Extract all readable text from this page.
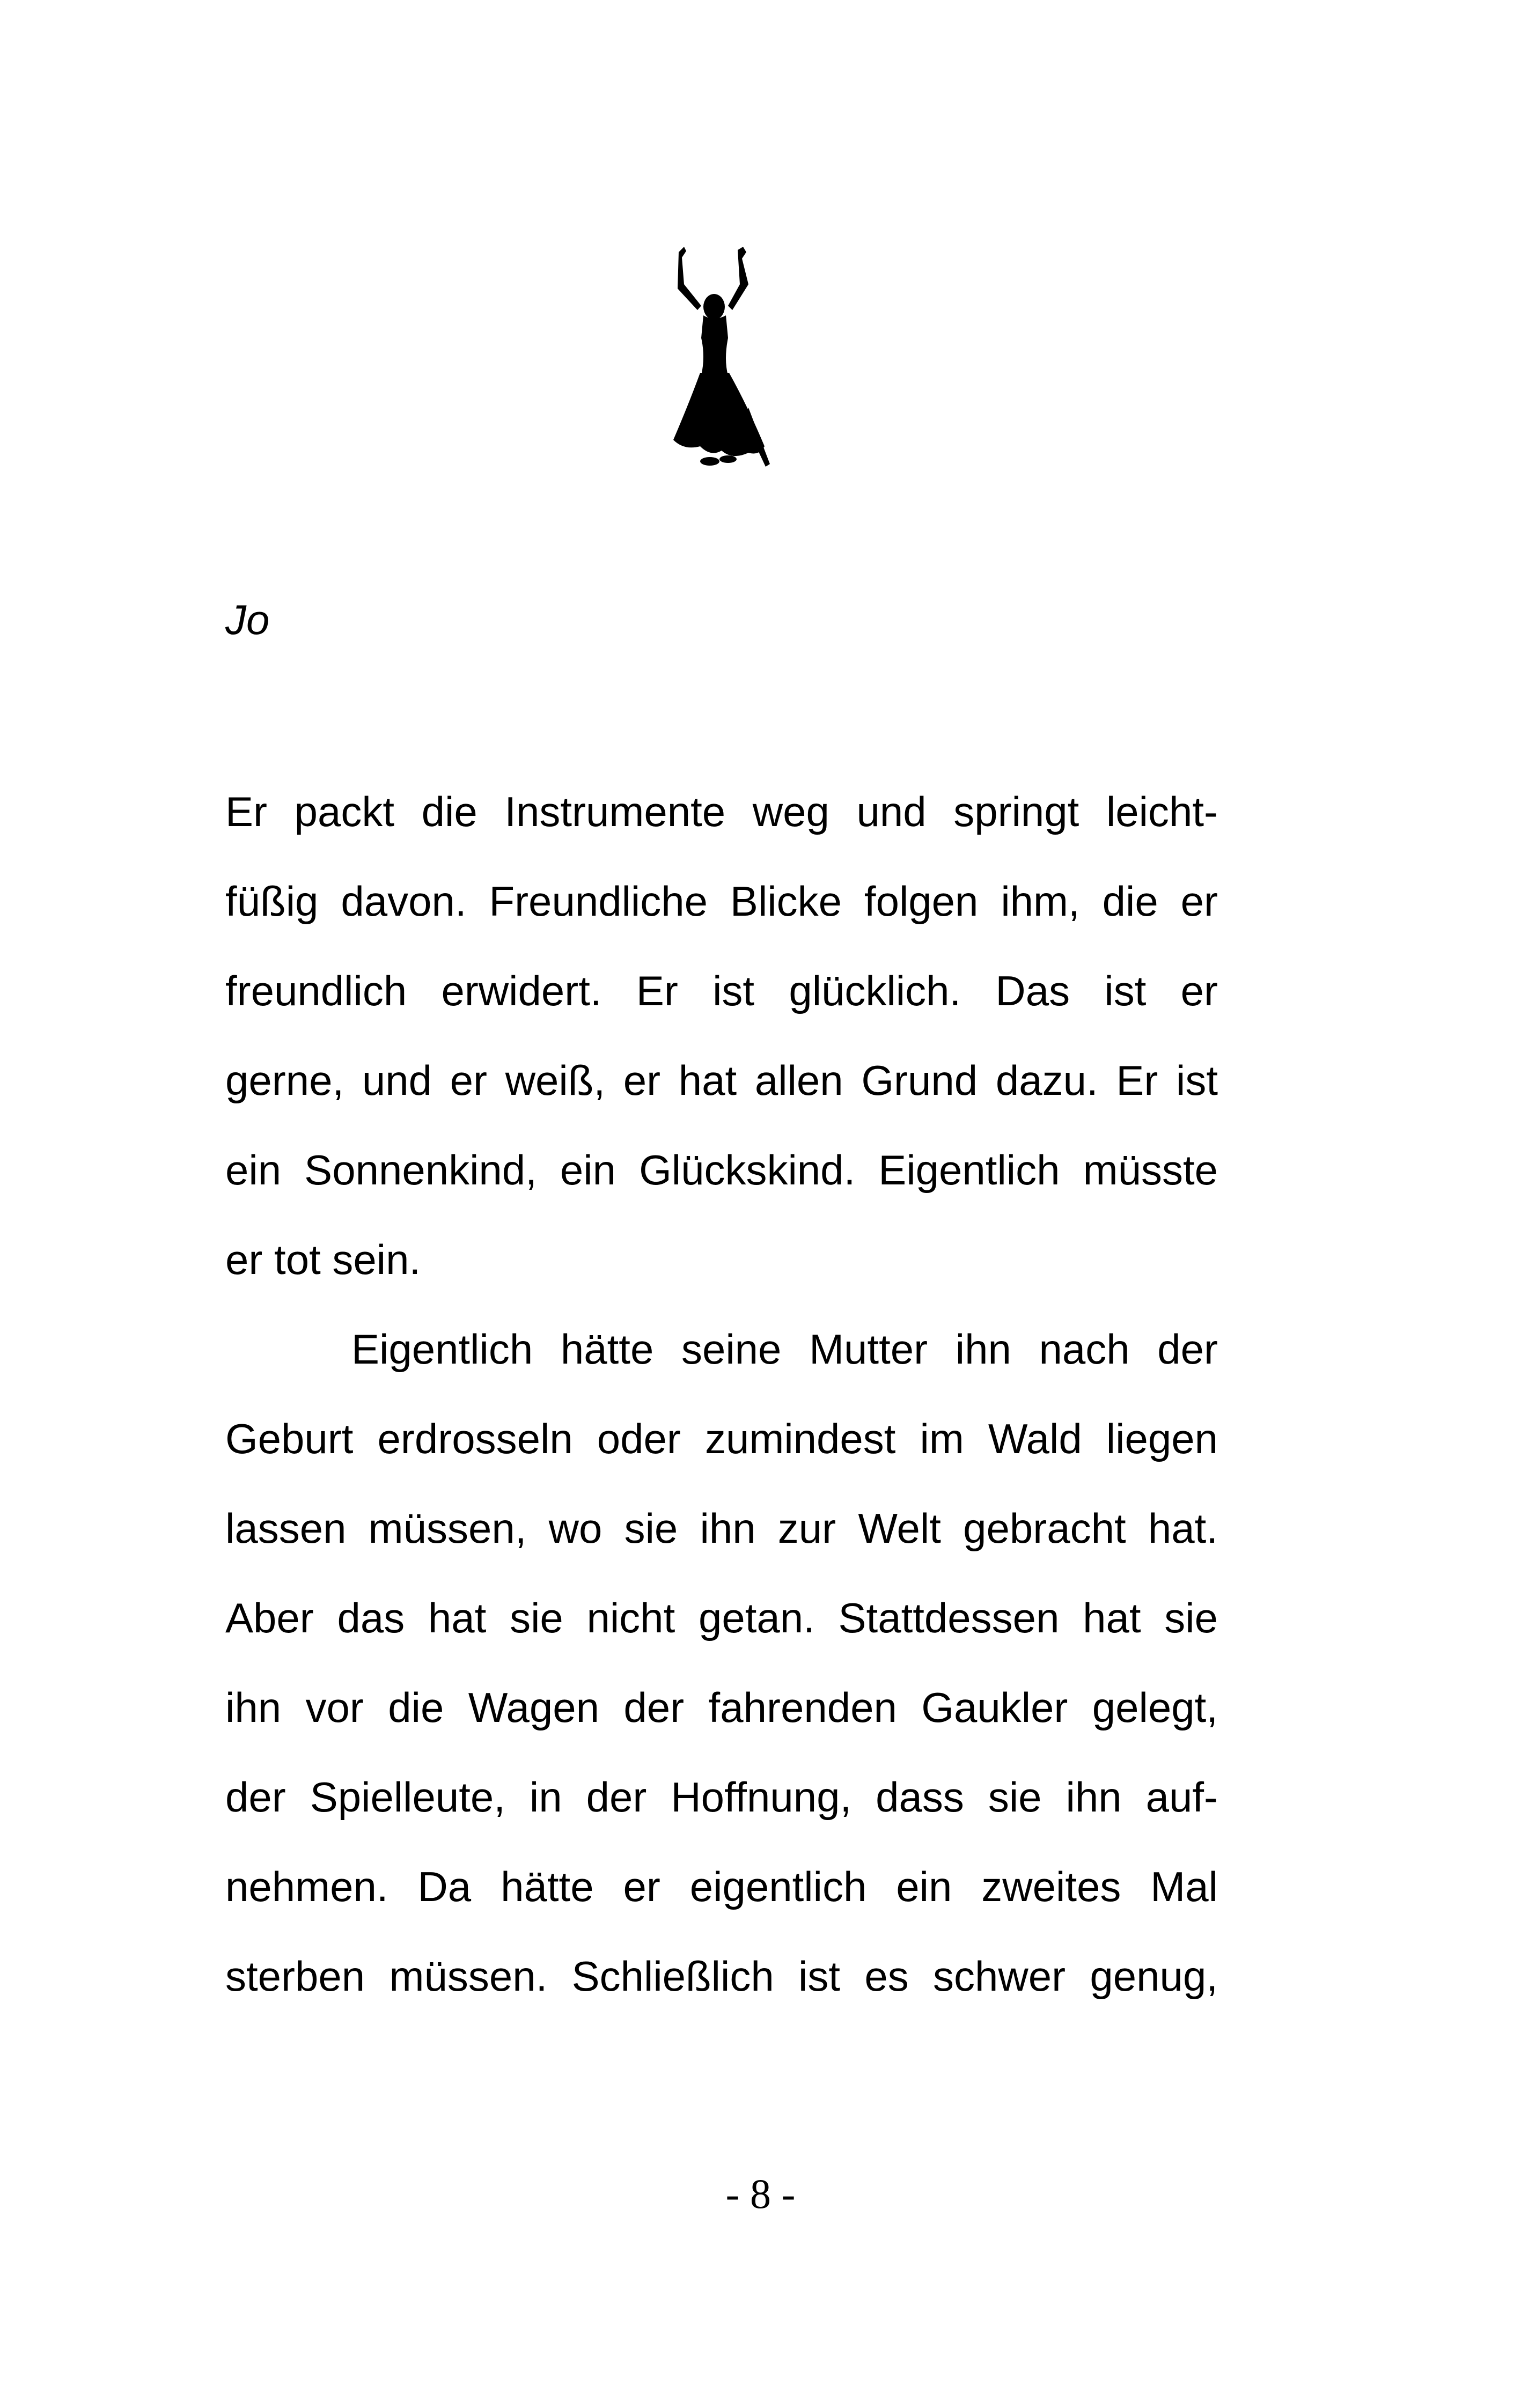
Jo

Er packt die Instrumente weg und springt leicht-
füßig davon. Freundliche Blicke folgen ihm, die er
freundlich erwidert. Er ist glücklich. Das ist er
gerne, und er weiß, er hat allen Grund dazu. Er ist
ein Sonnenkind, ein Glückskind. Eigentlich müsste
er tot sein.

Eigentlich hätte seine Mutter ihn nach der
Geburt erdrosseln oder zumindest im Wald liegen
lassen müssen, wo sie ihn zur Welt gebracht hat.
Aber das hat sie nicht getan. Stattdessen hat sie
ihn vor die Wagen der fahrenden Gaukler gelegt,
der Spielleute, in der Hoffnung, dass sie ihn auf-
nehmen. Da hätte er eigentlich ein zweites Mal
sterben müssen. Schließlich ist es schwer genug,

- 8 -
